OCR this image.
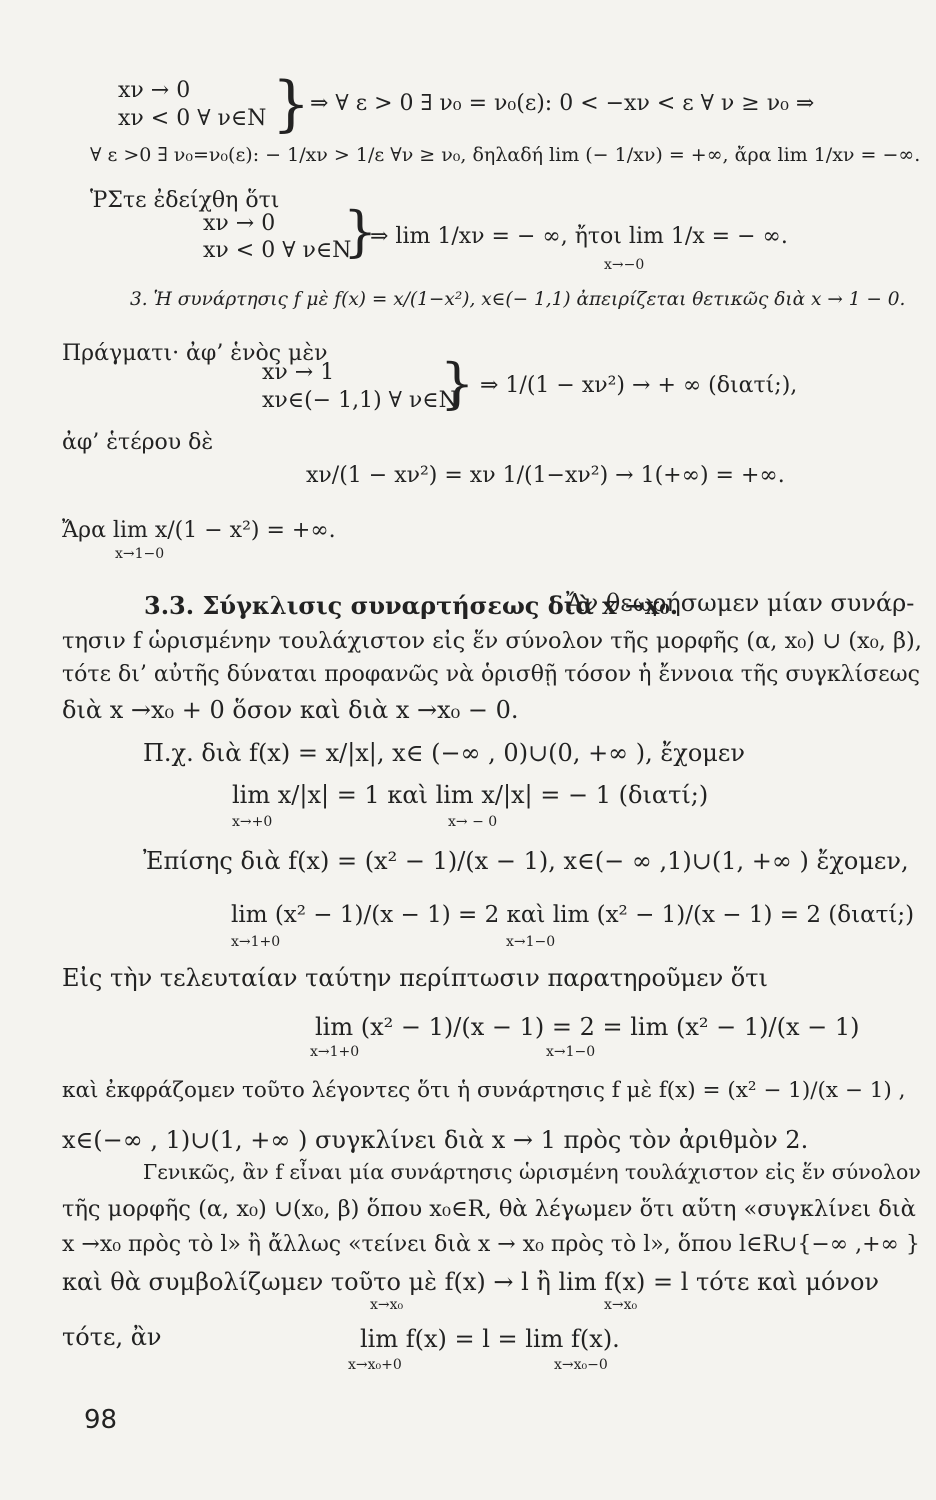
xν → 0
xν < 0 ∀ ν∈N } ⇒ ∀ ε > 0 ∃ ν₀ = ν₀(ε): 0 < −xν < ε ∀ ν ≥ ν₀ ⇒
∀ ε >0 ∃ ν₀=ν₀(ε): − 1/xν > 1/ε ∀ν ≥ ν₀, δηλαδή lim (− 1/xν) = +∞, ἄρα lim 1/xν = −∞.
ῬΣτε ἐδείχθη ὅτι
xν → 0
xν < 0 ∀ ν∈N
}
⇒ lim 1/xν = − ∞, ἤτοι lim 1/x = − ∞.
x→−0
3. Ἡ συνάρτησις f μὲ f(x) = x/(1−x²), x∈(− 1,1) ἀπειρίζεται θετικῶς διὰ x → 1 − 0.
Πράγματι· ἀφ’ ἑνὸς μὲν
xν → 1
xν∈(− 1,1) ∀ ν∈N
} ⇒ 1/(1 − xν²) → + ∞ (διατί;),
ἀφ’ ἑτέρου δὲ
xν/(1 − xν²) = xν 1/(1−xν²) → 1(+∞) = +∞.
Ἄρα lim x/(1 − x²) = +∞.
x→1−0
3.3. Σύγκλισις συναρτήσεως διὰ x →x₀.
Ἄν θεωρήσωμεν μίαν συνάρ-
τησιν f ὡρισμένην τουλάχιστον εἰς ἕν σύνολον τῆς μορφῆς (α, x₀) ∪ (x₀, β),
τότε δι’ αὐτῆς δύναται προφανῶς νὰ ὁρισθῇ τόσον ἡ ἔννοια τῆς συγκλίσεως
διὰ x →x₀ + 0 ὅσον καὶ διὰ x →x₀ − 0.
Π.χ. διὰ f(x) = x/|x|, x∈ (−∞ , 0)∪(0, +∞ ), ἔχομεν
lim x/|x| = 1 καὶ lim x/|x| = − 1 (διατί;)
x→+0	x→ − 0
Ἐπίσης διὰ f(x) = (x² − 1)/(x − 1), x∈(− ∞ ,1)∪(1, +∞ ) ἔχομεν,
lim (x² − 1)/(x − 1) = 2 καὶ lim (x² − 1)/(x − 1) = 2 (διατί;)
x→1+0	x→1−0
Εἰς τὴν τελευταίαν ταύτην περίπτωσιν παρατηροῦμεν ὅτι
lim (x² − 1)/(x − 1) = 2 = lim (x² − 1)/(x − 1)
x→1+0	x→1−0
καὶ ἐκφράζομεν τοῦτο λέγοντες ὅτι ἡ συνάρτησις f μὲ f(x) = (x² − 1)/(x − 1) ,
x∈(−∞ , 1)∪(1, +∞ ) συγκλίνει διὰ x → 1 πρὸς τὸν ἀριθμὸν 2.
Γενικῶς, ἂν f εἶναι μία συνάρτησις ὡρισμένη τουλάχιστον εἰς ἕν σύνολον
τῆς μορφῆς (α, x₀) ∪(x₀, β) ὅπου x₀∈R, θὰ λέγωμεν ὅτι αὕτη «συγκλίνει διὰ
x →x₀ πρὸς τὸ l» ἢ ἄλλως «τείνει διὰ x → x₀ πρὸς τὸ l», ὅπου l∈R∪{−∞ ,+∞ }
καὶ θὰ συμβολίζωμεν τοῦτο μὲ f(x) → l ἢ lim f(x) = l τότε καὶ μόνον
x→x₀	x→x₀
τότε, ἂν	lim f(x) = l = lim f(x).
x→x₀+0	x→x₀−0
98
